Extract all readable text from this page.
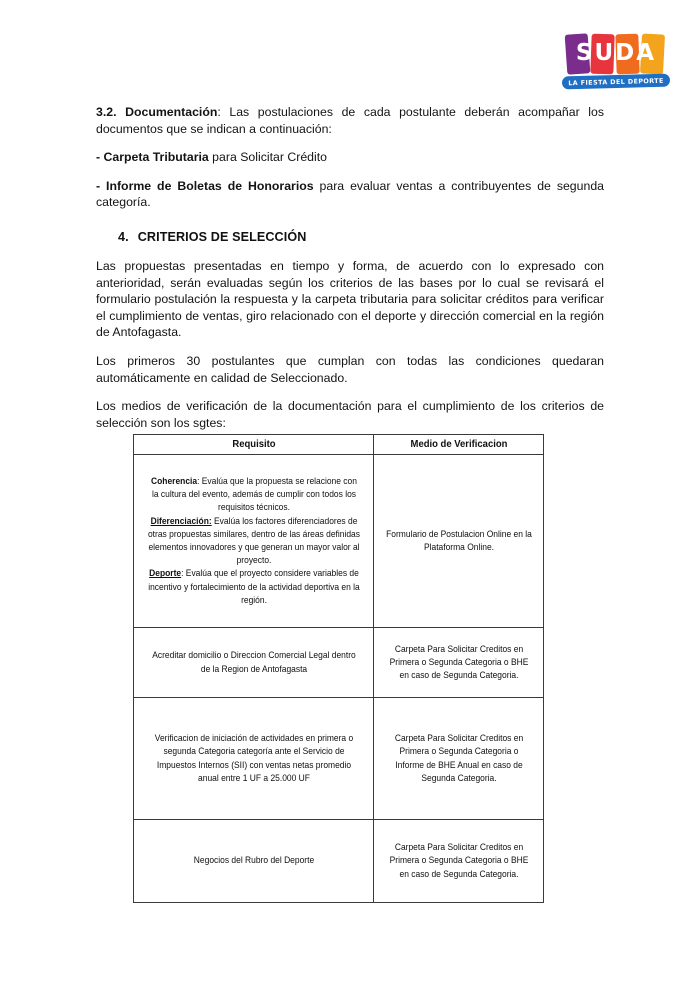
SUDA
LA FIESTA DEL DEPORTE

3.2. Documentación: Las postulaciones de cada postulante deberán acompañar los documentos que se indican a continuación:

- Carpeta Tributaria para Solicitar Crédito

- Informe de Boletas de Honorarios para evaluar ventas a contribuyentes de segunda categoría.

4. CRITERIOS DE SELECCIÓN

Las propuestas presentadas en tiempo y forma, de acuerdo con lo expresado con anterioridad, serán evaluadas según los criterios de las bases por lo cual se revisará el formulario postulación la respuesta y la carpeta tributaria para solicitar créditos para verificar el cumplimiento de ventas, giro relacionado con el deporte y dirección comercial en la región de Antofagasta.

Los primeros 30 postulantes que cumplan con todas las condiciones quedaran automáticamente en calidad de Seleccionado.

Los medios de verificación de la documentación para el cumplimiento de los criterios de selección son los sgtes:

Requisito	Medio de Verificacion

Coherencia: Evalúa que la propuesta se relacione con la cultura del evento, además de cumplir con todos los requisitos técnicos.
Diferenciación: Evalúa los factores diferenciadores de otras propuestas similares, dentro de las áreas definidas elementos innovadores y que generan un mayor valor al proyecto.
Deporte: Evalúa que el proyecto considere variables de incentivo y fortalecimiento de la actividad deportiva en la región.	Formulario de Postulacion Online en la Plataforma Online.
Acreditar domicilio o Direccion Comercial Legal dentro de la Region de Antofagasta	Carpeta Para Solicitar Creditos en Primera o Segunda Categoria o BHE en caso de Segunda Categoria.
Verificacion de iniciación de actividades en primera o segunda Categoria categoría ante el Servicio de Impuestos Internos (SII) con ventas netas promedio anual entre 1 UF a 25.000 UF	Carpeta Para Solicitar Creditos en Primera o Segunda Categoria o Informe de BHE Anual en caso de Segunda Categoria.
Negocios del Rubro del Deporte	Carpeta Para Solicitar Creditos en Primera o Segunda Categoria o BHE en caso de Segunda Categoria.
